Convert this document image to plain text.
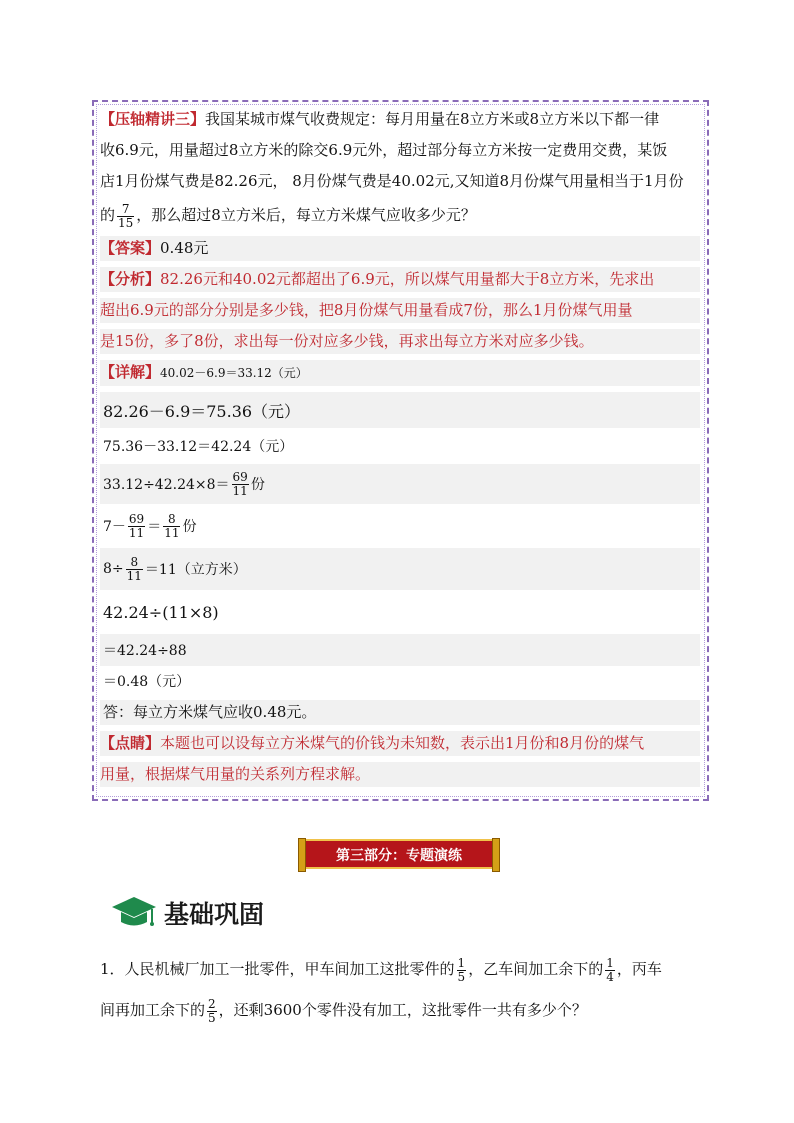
【压轴精讲三】我国某城市煤气收费规定：每月用量在8立方米或8立方米以下都一律
收6.9元，用量超过8立方米的除交6.9元外，超过部分每立方米按一定费用交费，某饭
店1月份煤气费是82.26元， 8月份煤气费是40.02元,又知道8月份煤气用量相当于1月份
的 $\frac{7}{15}$ ，那么超过8立方米后，每立方米煤气应收多少元？
【答案】0.48元
【分析】82.26元和40.02元都超出了6.9元，所以煤气用量都大于8立方米，先求出
超出6.9元的部分分别是多少钱，把8月份煤气用量看成7份，那么1月份煤气用量
是15份，多了8份，求出每一份对应多少钱，再求出每立方米对应多少钱。
【详解】40.02－6.9＝33.12（元）
82.26－6.9＝75.36（元）
75.36－33.12＝42.24（元）
$33.12\div 42.24\times 8= \frac{69}{11}$ 份
$7- \frac{69}{11} = \frac{8}{11}$ 份
$8\div \frac{8}{11} =11$（立方米）
42.24÷(11×8)
＝42.24÷88
＝0.48（元）
答：每立方米煤气应收0.48元。
【点睛】本题也可以设每立方米煤气的价钱为未知数，表示出1月份和8月份的煤气
用量，根据煤气用量的关系列方程求解。
第三部分：专题演练
基础巩固
1．人民机械厂加工一批零件，甲车间加工这批零件的 $\frac{1}{5}$ ，乙车间加工余下的 $\frac{1}{4}$ ，丙车
间再加工余下的 $\frac{2}{5}$ ，还剩3600个零件没有加工，这批零件一共有多少个？
